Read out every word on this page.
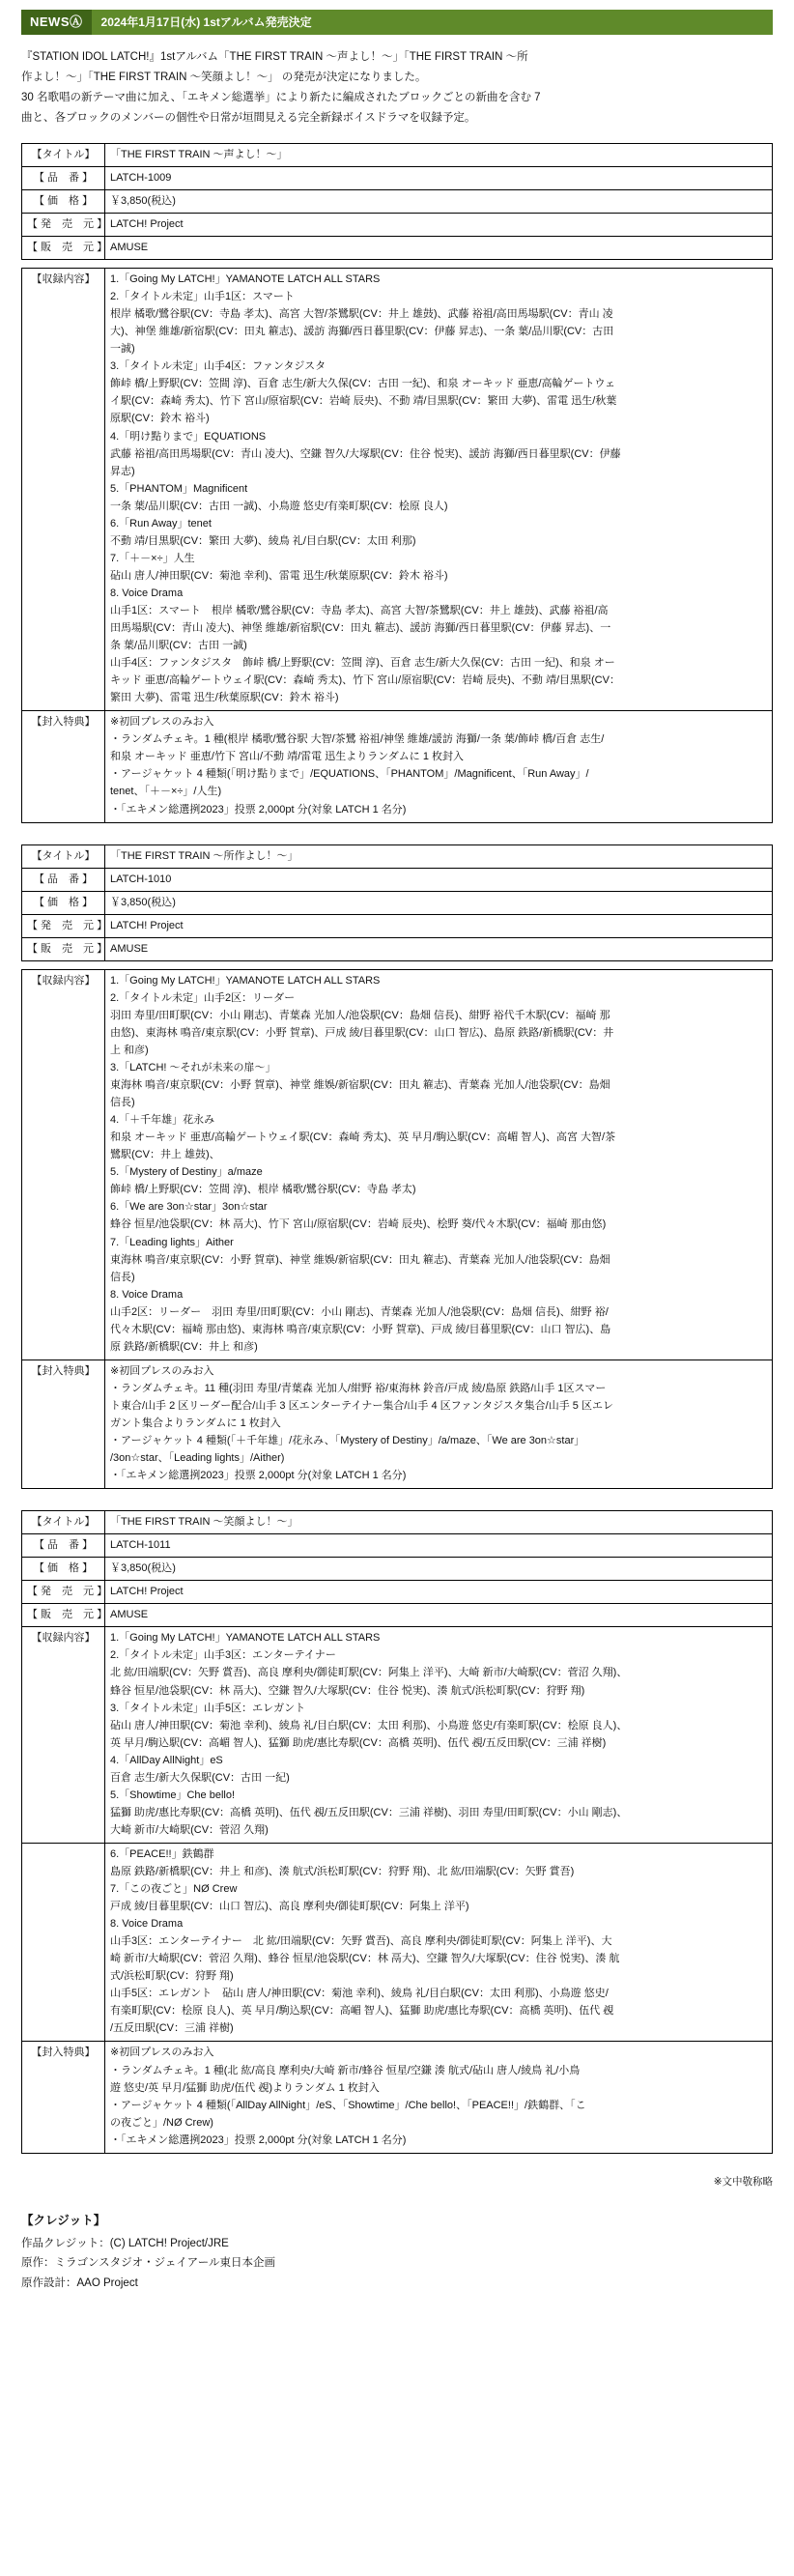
NEWSⒶ	2024年1月17日(水) 1stアルバム発売決定

『STATION IDOL LATCH!』1stアルバム「THE FIRST TRAIN ～声よし！～」「THE FIRST TRAIN ～所

作よし！～」「THE FIRST TRAIN ～笑顔よし！～」 の発売が決定になりました。

30 名歌唱の新テーマ曲に加え、「エキメン総選挙」により新たに編成されたブロックごとの新曲を含む 7

曲と、各ブロックのメンバーの個性や日常が垣間見える完全新録ボイスドラマを収録予定。

【タイトル】	「THE FIRST TRAIN ～声よし！～」
【 品　番 】	LATCH-1009
【 価　格 】	￥3,850(税込)
【 発　売　元 】	LATCH! Project
【 販　売　元 】	AMUSE

【収録内容】	1.「Going My LATCH!」YAMANOTE LATCH ALL STARS
2.「タイトル未定」山手1区：スマート
根岸 橘歌/鷺谷駅(CV：寺島 孝太)、高宮 大智/茶鷺駅(CV：井上 雄鼓)、武藤 裕祖/高田馬場駅(CV：青山 凌
大)、神堡 維雄/新宿駅(CV：田丸 篐志)、諼訪 海獅/西日暮里駅(CV：伊藤 昇志)、一条 葉/品川駅(CV：古田
一誠)
3.「タイトル未定」山手4区：ファンタジスタ
飾峠 橋/上野駅(CV：笠間 淳)、百倉 志生/新大久保(CV：古田 一紀)、和泉 オーキッド 亜恵/高輪ゲートウェ
イ駅(CV：森崎 秀太)、竹下 宮山/原宿駅(CV：岩崎 辰央)、不動 靖/目黒駅(CV：繁田 大夢)、雷電 迅生/秋葉
原駅(CV：鈴木 裕斗)
4.「明け點りまで」EQUATIONS
武藤 裕祖/高田馬場駅(CV：青山 凌大)、空鎌 智久/大塚駅(CV：住谷 悦実)、諼訪 海獅/西日暮里駅(CV：伊藤
昇志)
5.「PHANTOM」Magnificent
一条 葉/品川駅(CV：古田 一誠)、小鳥遊 悠史/有楽町駅(CV：桧原 良人)
6.「Run Away」tenet
不動 靖/目黒駅(CV：繁田 大夢)、綾鳥 礼/目白駅(CV：太田 利那)
7.「＋－×÷」人生
砧山 唐人/神田駅(CV：菊池 幸利)、雷電 迅生/秋葉原駅(CV：鈴木 裕斗)
8. Voice Drama
山手1区：スマート　根岸 橘歌/鷺谷駅(CV：寺島 孝太)、高宮 大智/茶鷺駅(CV：井上 雄鼓)、武藤 裕祖/高
田馬場駅(CV：青山 凌大)、神堡 維雄/新宿駅(CV：田丸 篐志)、諼訪 海獅/西日暮里駅(CV：伊藤 昇志)、一
条 葉/品川駅(CV：古田 一誠)
山手4区：ファンタジスタ　飾峠 橋/上野駅(CV：笠間 淳)、百倉 志生/新大久保(CV：古田 一紀)、和泉 オー
キッド 亜恵/高輪ゲートウェイ駅(CV：森崎 秀太)、竹下 宮山/原宿駅(CV：岩崎 辰央)、不動 靖/目黒駅(CV：
繁田 大夢)、雷電 迅生/秋葉原駅(CV：鈴木 裕斗)

【封入特典】	※初回プレスのみお入
・ランダムチェキ。1 種(根岸 橘歌/鷺谷駅 大智/茶鷺 裕祖/神堡 維雄/諼訪 海獅/一条 葉/飾峠 橋/百倉 志生/
和泉 オーキッド 亜恵/竹下 宮山/不動 靖/雷電 迅生よりランダムに 1 枚封入
・アージャケット 4 種類(「明け點りまで」/EQUATIONS、「PHANTOM」/Magnificent、「Run Away」/
tenet、「＋－×÷」/人生)
・「エキメン総選挒2023」投票 2,000pt 分(対象 LATCH 1 名分)
【タイトル】	「THE FIRST TRAIN ～所作よし！～」
【 品　番 】	LATCH-1010
【 価　格 】	￥3,850(税込)
【 発　売　元 】	LATCH! Project
【 販　売　元 】	AMUSE

【収録内容】	1.「Going My LATCH!」YAMANOTE LATCH ALL STARS
2.「タイトル未定」山手2区：リーダー
羽田 寿里/田町駅(CV：小山 剛志)、青葉森 光加人/池袋駅(CV：島畑 信長)、紺野 裕代千木駅(CV：福崎 那
由悠)、東海林 鳴音/東京駅(CV：小野 賀章)、戸成 綾/目暮里駅(CV：山口 智広)、島原 鉄路/新橋駅(CV：井
上 和彦)
3.「LATCH! ～それが未来の扉～」
東海林 鳴音/東京駅(CV：小野 賀章)、神堂 維娛/新宿駅(CV：田丸 篐志)、青葉森 光加人/池袋駅(CV：島畑
信長)
4.「＋千年雄」花永み
和泉 オーキッド 亜恵/高輪ゲートウェイ駅(CV：森崎 秀太)、英 早月/駒込駅(CV：高嵋 智人)、高宮 大智/茶
鷺駅(CV：井上 雄鼓)、
5.「Mystery of Destiny」a/maze
飾峠 橋/上野駅(CV：笠間 淳)、根岸 橘歌/鷺谷駅(CV：寺島 孝太)
6.「We are 3on☆star」3on☆star
蜂谷 恒星/池袋駅(CV：林 鬲大)、竹下 宮山/原宿駅(CV：岩崎 辰央)、桧野 葵/代々木駅(CV：福崎 那由悠)
7.「Leading lights」Aither
東海林 鳴音/東京駅(CV：小野 賀章)、神堂 維娛/新宿駅(CV：田丸 篐志)、青葉森 光加人/池袋駅(CV：島畑
信長)
8. Voice Drama
山手2区：リーダー　羽田 寿里/田町駅(CV：小山 剛志)、青葉森 光加人/池袋駅(CV：島畑 信長)、紺野 裕/
代々木駅(CV：福崎 那由悠)、東海林 鳴音/東京駅(CV：小野 賀章)、戸成 綾/目暮里駅(CV：山口 智広)、島
原 鉄路/新橋駅(CV：井上 和彦)

【封入特典】	※初回プレスのみお入
・ランダムチェキ。11 種(羽田 寿里/青葉森 光加人/紺野 裕/東海林 鈴音/戸成 綾/島原 鉄路/山手 1区スマー
ト東合/山手 2 区リーダー配合/山手 3 区エンターテイナー集合/山手 4 区ファンタジスタ集合/山手 5 区エレ
ガント集合よりランダムに 1 枚封入
・アージャケット 4 種類(「＋千年雄」/花永み、「Mystery of Destiny」/a/maze、「We are 3on☆star」
/3on☆star、「Leading lights」/Aither)
・「エキメン総選挒2023」投票 2,000pt 分(対象 LATCH 1 名分)
【タイトル】	「THE FIRST TRAIN ～笑顔よし！～」
【 品　番 】	LATCH-1011
【 価　格 】	￥3,850(税込)
【 発　売　元 】	LATCH! Project
【 販　売　元 】	AMUSE
【収録内容】	1.「Going My LATCH!」YAMANOTE LATCH ALL STARS
2.「タイトル未定」山手3区：エンターテイナー
北 紘/田端駅(CV：矢野 賞吾)、高良 摩利央/御徒町駅(CV：阿集上 洋平)、大崎 新市/大崎駅(CV：菅沼 久翔)、
蜂谷 恒星/池袋駅(CV：林 鬲大)、空鎌 智久/大塚駅(CV：住谷 悦実)、湊 航式/浜松町駅(CV：狩野 翔)
3.「タイトル未定」山手5区：エレガント
砧山 唐人/神田駅(CV：菊池 幸利)、綾鳥 礼/目白駅(CV：太田 利那)、小鳥遊 悠史/有楽町駅(CV：桧原 良人)、
英 早月/駒込駅(CV：高嵋 智人)、猛獅 助虎/惠比寿駅(CV：高橋 英明)、伍代 覕/五反田駅(CV：三浦 祥樹)
4.「AllDay AllNight」eS
百倉 志生/新大久保駅(CV：古田 一紀)
5.「Showtime」Che bello!
猛獅 助虎/惠比寿駅(CV：高橋 英明)、伍代 覕/五反田駅(CV：三浦 祥樹)、羽田 寿里/田町駅(CV：小山 剛志)、
大崎 新市/大崎駅(CV：菅沼 久翔)

6.「PEACE!!」鉄鶴群
島原 鉄路/新橋駅(CV：井上 和彦)、湊 航式/浜松町駅(CV：狩野 翔)、北 紘/田端駅(CV：矢野 賞吾)
7.「この夜ごと」NØ Crew
戸成 綾/目暮里駅(CV：山口 智広)、高良 摩利央/御徒町駅(CV：阿集上 洋平)
8. Voice Drama
山手3区：エンターテイナー　北 紘/田端駅(CV：矢野 賞吾)、高良 摩利央/御徒町駅(CV：阿集上 洋平)、大
崎 新市/大崎駅(CV：菅沼 久翔)、蜂谷 恒星/池袋駅(CV：林 鬲大)、空鎌 智久/大塚駅(CV：住谷 悦実)、湊 航
式/浜松町駅(CV：狩野 翔)
山手5区：エレガント　砧山 唐人/神田駅(CV：菊池 幸利)、綾鳥 礼/目白駅(CV：太田 利那)、小鳥遊 悠史/
有楽町駅(CV：桧原 良人)、英 早月/駒込駅(CV：高嵋 智人)、猛獅 助虎/惠比寿駅(CV：高橋 英明)、伍代 覕
/五反田駅(CV：三浦 祥樹)

【封入特典】	※初回プレスのみお入
・ランダムチェキ。1 種(北 紘/高良 摩利央/大崎 新市/蜂谷 恒星/空鎌 湊 航式/砧山 唐人/綾鳥 礼/小鳥
遊 悠史/英 早月/猛獅 助虎/伍代 覕)よりランダム 1 枚封入
・アージャケット 4 種類(「AllDay AllNight」/eS、「Showtime」/Che bello!、「PEACE!!」/鉄鶴群、「こ
の夜ごと」/NØ Crew)
・「エキメン総選挒2023」投票 2,000pt 分(対象 LATCH 1 名分)
※文中敬称略
【クレジット】
作品クレジット：(C) LATCH! Project/JRE
原作：ミラゴンスタジオ・ジェイアール東日本企画
原作設計：AAO Project
